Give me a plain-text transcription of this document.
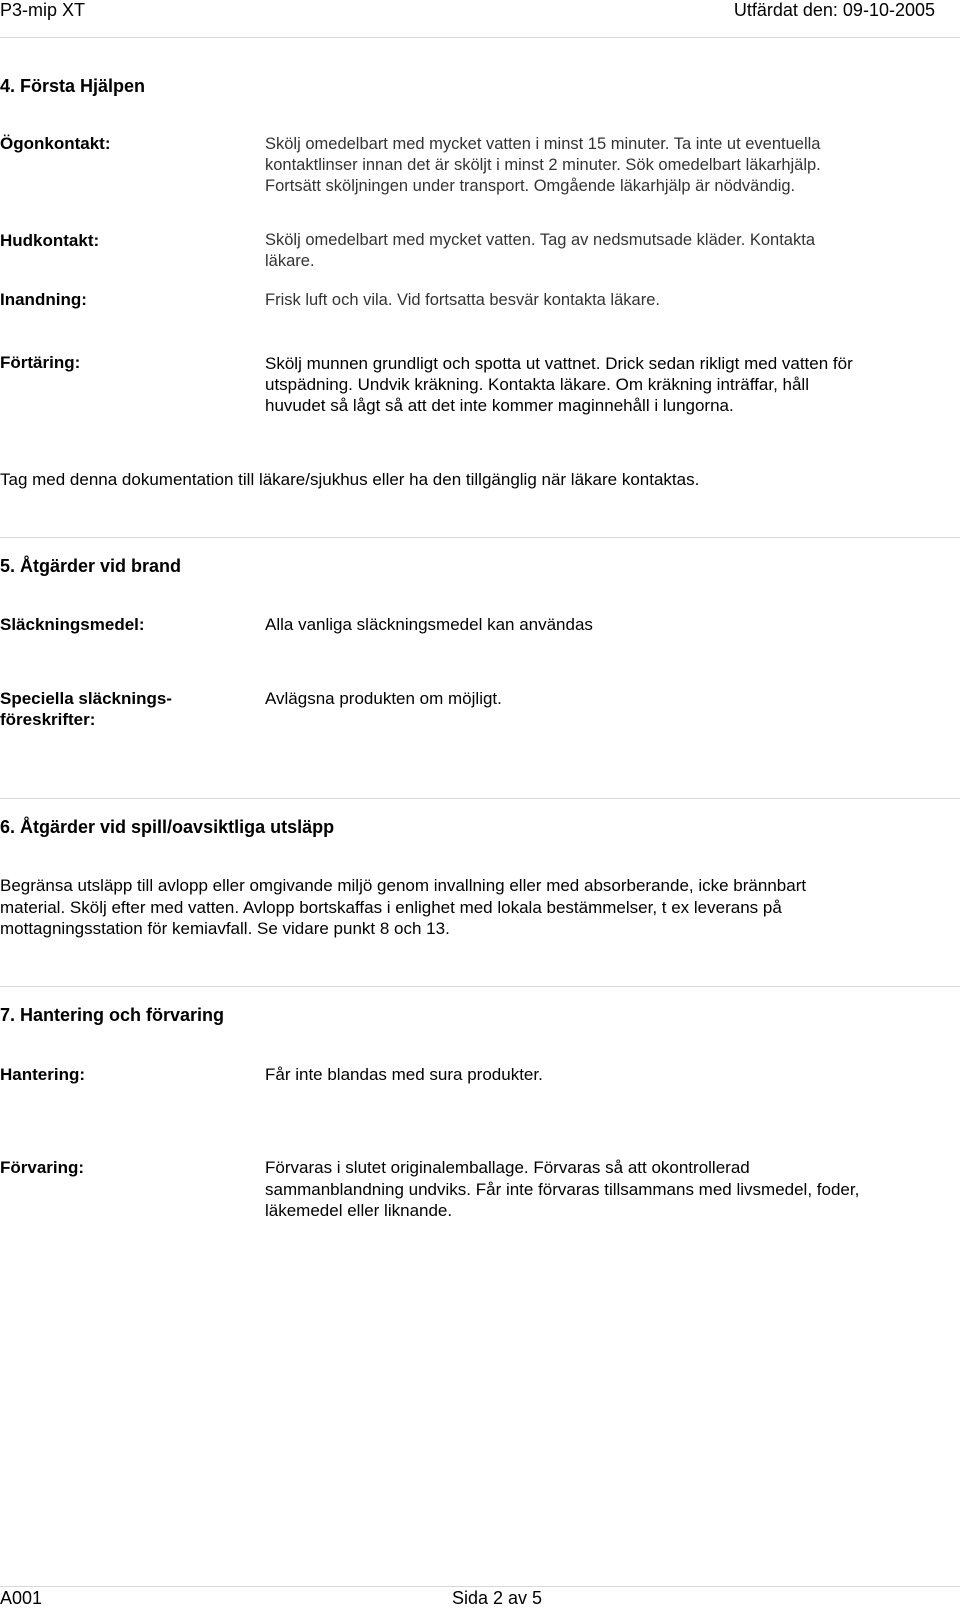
P3-mip XT	Utfärdat den: 09-10-2005
4. Första Hjälpen
Ögonkontakt:	Skölj omedelbart med mycket vatten i minst 15 minuter. Ta inte ut eventuella
kontaktlinser innan det är sköljt i minst 2 minuter. Sök omedelbart läkarhjälp.
Fortsätt sköljningen under transport. Omgående läkarhjälp är nödvändig.
Hudkontakt:	Skölj omedelbart med mycket vatten. Tag av nedsmutsade kläder. Kontakta
läkare.
Inandning:	Frisk luft och vila. Vid fortsatta besvär kontakta läkare.
Förtäring:	Skölj munnen grundligt och spotta ut vattnet. Drick sedan rikligt med vatten för
utspädning. Undvik kräkning. Kontakta läkare. Om kräkning inträffar, håll
huvudet så lågt så att det inte kommer maginnehåll i lungorna.
Tag med denna dokumentation till läkare/sjukhus eller ha den tillgänglig när läkare kontaktas.
5. Åtgärder vid brand
Släckningsmedel:	Alla vanliga släckningsmedel kan användas
Speciella släcknings-
föreskrifter:
Avlägsna produkten om möjligt.
6. Åtgärder vid spill/oavsiktliga utsläpp
Begränsa utsläpp till avlopp eller omgivande miljö genom invallning eller med absorberande, icke brännbart
material. Skölj efter med vatten. Avlopp bortskaffas i enlighet med lokala bestämmelser, t ex leverans på
mottagningsstation för kemiavfall. Se vidare punkt 8 och 13.
7. Hantering och förvaring
Hantering:	Får inte blandas med sura produkter.
Förvaring:	Förvaras i slutet originalemballage. Förvaras så att okontrollerad
sammanblandning undviks. Får inte förvaras tillsammans med livsmedel, foder,
läkemedel eller liknande.
A001	Sida 2 av 5
